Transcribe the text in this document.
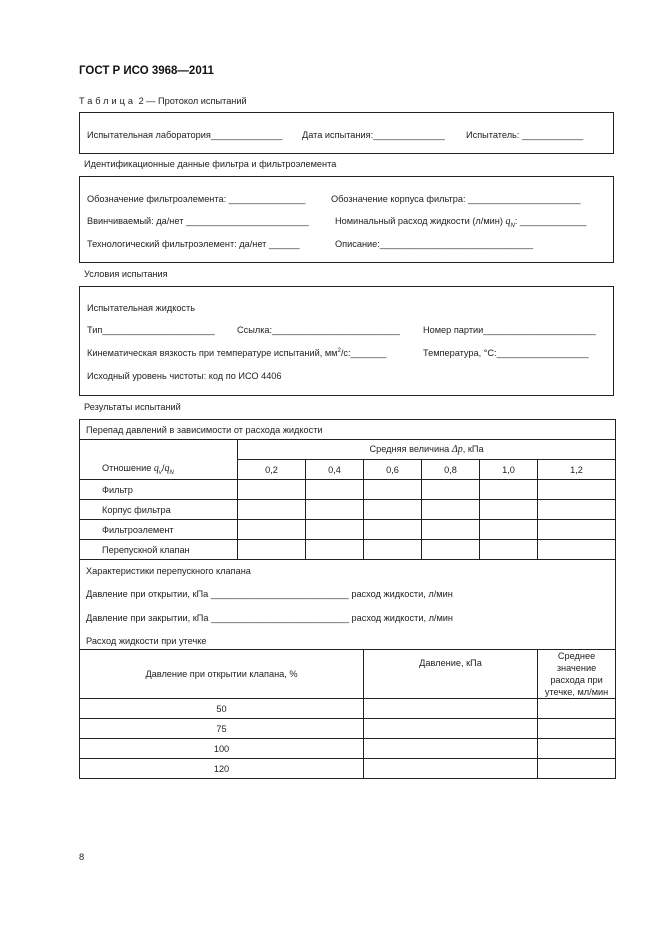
ГОСТ Р ИСО 3968—2011
Таблица 2 — Протокол испытаний
Испытательная лаборатория______________ Дата испытания:______________ Испытатель: ____________
Идентификационные данные фильтра и фильтроэлемента
Обозначение фильтроэлемента: _______________	Обозначение корпуса фильтра: ______________________
Ввинчиваемый: да/нет ________________________	Номинальный расход жидкости (л/мин) $q_N$: _____________
Технологический фильтроэлемент: да/нет ______	Описание:______________________________
Условия испытания
Испытательная жидкость
Тип______________________ Ссылка:_________________________	Номер партии______________________
Кинематическая вязкость при температуре испытаний, $мм^2/с:\_\_\_\_\_\_\_$	Температура, °С:__________________
Исходный уровень чистоты: код по ИСО 4406
Результаты испытаний
Перепад давлений в зависимости от расхода жидкости						
	Средняя величина Δp, кПа					
Отношение $q_v/q_N$	0,2	0,4	0,6	0,8	1,0	1,2
Фильтр						
Корпус фильтра						
Фильтроэлемент						
Перепускной клапан						

Характеристики перепускного клапана
Давление при открытии, кПа ___________________________ расход жидкости, л/мин
Давление при закрытии, кПа ___________________________ расход жидкости, л/мин
Расход жидкости при утечке						

Давление при открытии клапана, %			Давление, кПа			Среднее значение расхода при утечке, мл/мин
50						
75						
100						
120						
8
